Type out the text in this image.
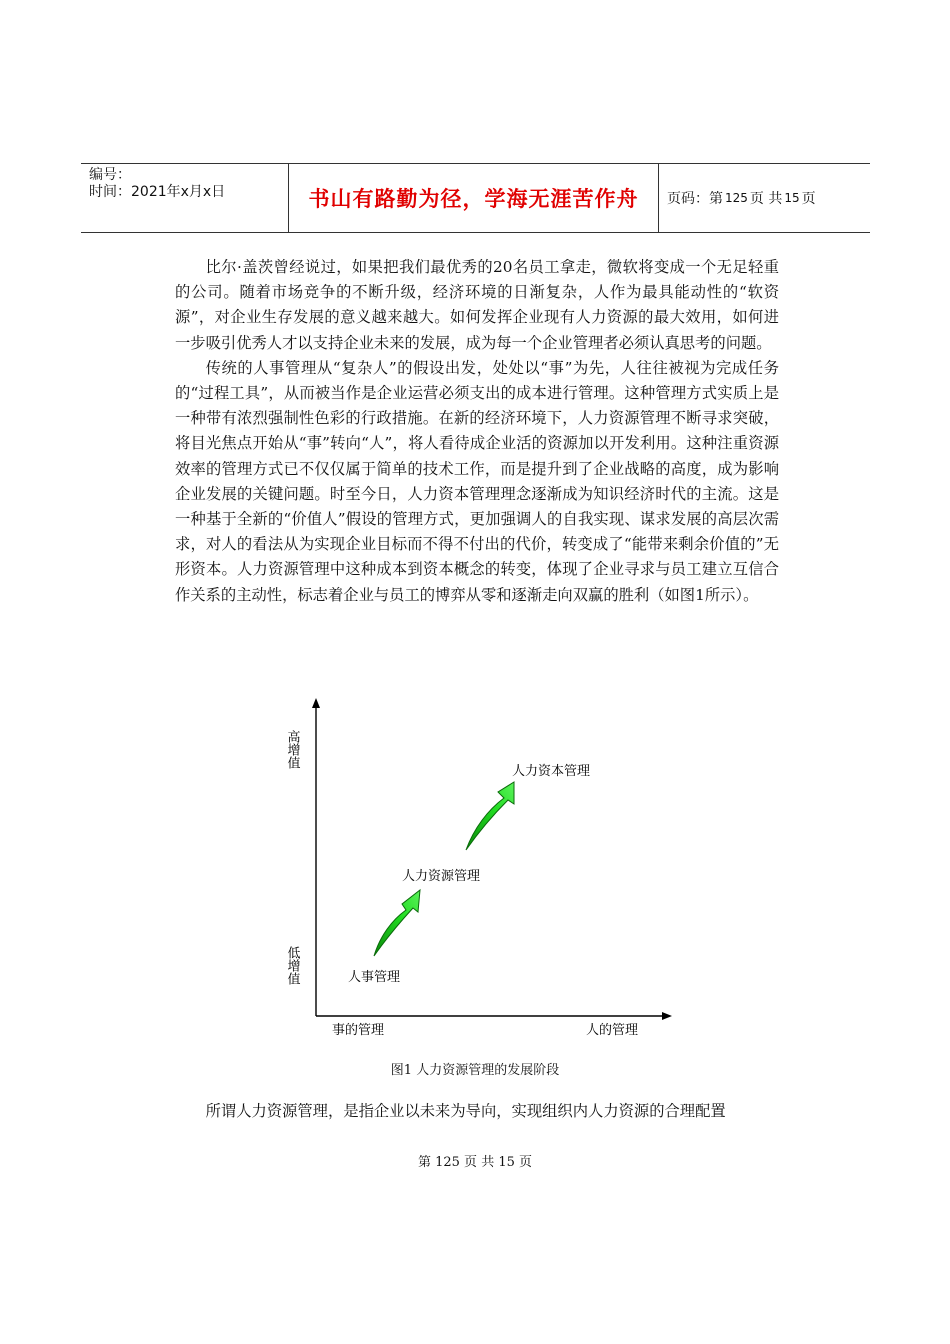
编号：
时间：2021年x月x日	书山有路勤为径，学海无涯苦作舟 页码：第 125 页 共 15 页

比尔·盖茨曾经说过，如果把我们最优秀的20名员工拿走，微软将变成一个无足轻重的公司。随着市场竞争的不断升级，经济环境的日渐复杂，人作为最具能动性的“软资源”，对企业生存发展的意义越来越大。如何发挥企业现有人力资源的最大效用，如何进一步吸引优秀人才以支持企业未来的发展，成为每一个企业管理者必须认真思考的问题。

传统的人事管理从“复杂人”的假设出发，处处以“事”为先，人往往被视为完成任务的“过程工具”，从而被当作是企业运营必须支出的成本进行管理。这种管理方式实质上是一种带有浓烈强制性色彩的行政措施。在新的经济环境下，人力资源管理不断寻求突破，将目光焦点开始从“事”转向“人”，将人看待成企业活的资源加以开发利用。这种注重资源效率的管理方式已不仅仅属于简单的技术工作，而是提升到了企业战略的高度，成为影响企业发展的关键问题。时至今日，人力资本管理理念逐渐成为知识经济时代的主流。这是一种基于全新的“价值人”假设的管理方式，更加强调人的自我实现、谋求发展的高层次需求，对人的看法从为实现企业目标而不得不付出的代价，转变成了“能带来剩余价值的”无形资本。人力资源管理中这种成本到资本概念的转变，体现了企业寻求与员工建立互信合作关系的主动性，标志着企业与员工的博弈从零和逐渐走向双赢的胜利（如图1所示）。

高增值
低增值
事的管理	人的管理
人事管理
人力资源管理
人力资本管理
图1 人力资源管理的发展阶段

所谓人力资源管理，是指企业以未来为导向，实现组织内人力资源的合理配置

第 125 页 共 15 页
